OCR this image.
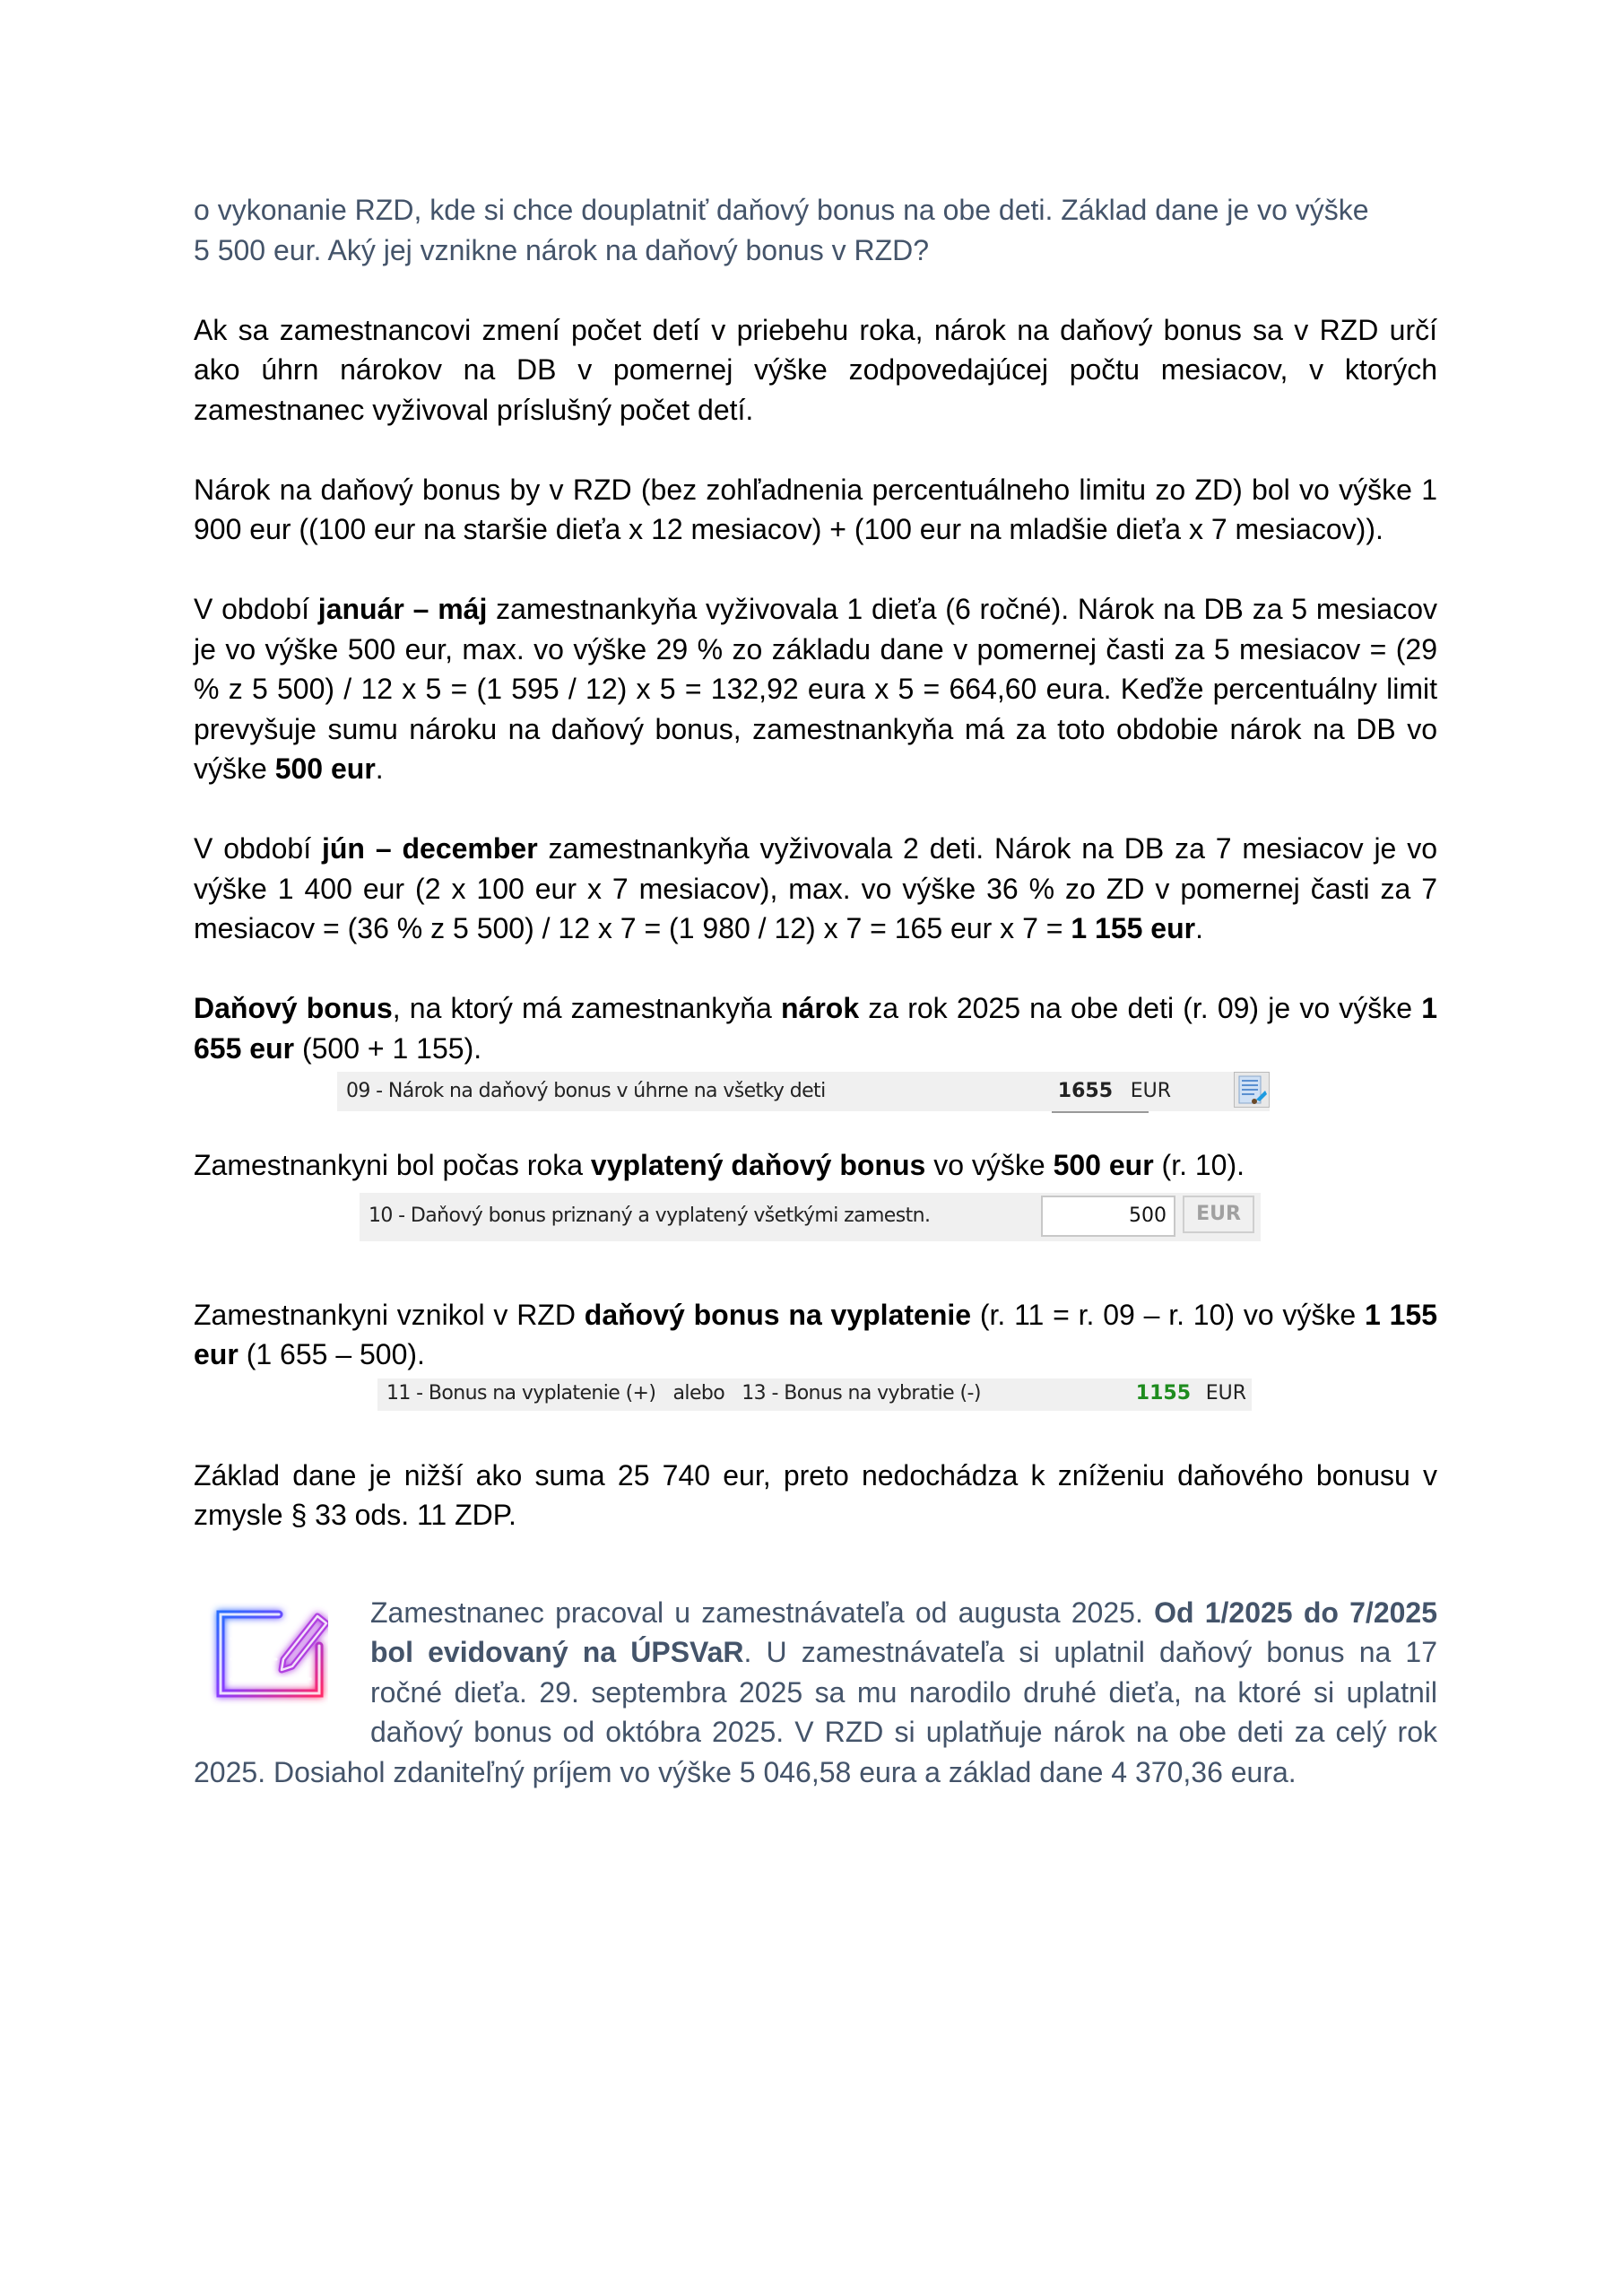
o vykonanie RZD, kde si chce douplatniť daňový bonus na obe deti. Základ dane je vo výške
5 500 eur. Aký jej vznikne nárok na daňový bonus v RZD?

Ak sa zamestnancovi zmení počet detí v priebehu roka, nárok na daňový bonus sa v RZD určí ako úhrn nárokov na DB v pomernej výške zodpovedajúcej počtu mesiacov, v ktorých zamestnanec vyživoval príslušný počet detí.

Nárok na daňový bonus by v RZD (bez zohľadnenia percentuálneho limitu zo ZD) bol vo výške 1 900 eur ((100 eur na staršie dieťa x 12 mesiacov) + (100 eur na mladšie dieťa x 7 mesiacov)).

V období január – máj zamestnankyňa vyživovala 1 dieťa (6 ročné). Nárok na DB za 5 mesiacov je vo výške 500 eur, max. vo výške 29 % zo základu dane v pomernej časti za 5 mesiacov = (29 % z 5 500) / 12 x 5 = (1 595 / 12) x 5 = 132,92 eura x 5 = 664,60 eura. Keďže percentuálny limit prevyšuje sumu nároku na daňový bonus, zamestnankyňa má za toto obdobie nárok na DB vo výške 500 eur.

V období jún – december zamestnankyňa vyživovala 2 deti. Nárok na DB za 7 mesiacov je vo výške 1 400 eur (2 x 100 eur x 7 mesiacov), max. vo výške 36 % zo ZD v pomernej časti za 7 mesiacov = (36 % z 5 500) / 12 x 7 = (1 980 / 12) x 7 = 165 eur x 7 = 1 155 eur.

Daňový bonus, na ktorý má zamestnankyňa nárok za rok 2025 na obe deti (r. 09) je vo výške 1 655 eur (500 + 1 155).

09 - Nárok na daňový bonus v úhrne na všetky deti	1655 EUR

Zamestnankyni bol počas roka vyplatený daňový bonus vo výške 500 eur (r. 10).

10 - Daňový bonus priznaný a vyplatený všetkými zamestn.	500	EUR

Zamestnankyni vznikol v RZD daňový bonus na vyplatenie (r. 11 = r. 09 – r. 10) vo výške 1 155 eur (1 655 – 500).

11 - Bonus na vyplatenie (+)   alebo   13 - Bonus na vybratie (-)	1155 EUR

Základ dane je nižší ako suma 25 740 eur, preto nedochádza k zníženiu daňového bonusu v zmysle § 33 ods. 11 ZDP.

Zamestnanec pracoval u zamestnávateľa od augusta 2025. Od 1/2025 do 7/2025 bol evidovaný na ÚPSVaR. U zamestnávateľa si uplatnil daňový bonus na 17 ročné dieťa. 29. septembra 2025 sa mu narodilo druhé dieťa, na ktoré si uplatnil daňový bonus od októbra 2025. V RZD si uplatňuje nárok na obe deti za celý rok 2025. Dosiahol zdaniteľný príjem vo výške 5 046,58 eura a základ dane 4 370,36 eura.
